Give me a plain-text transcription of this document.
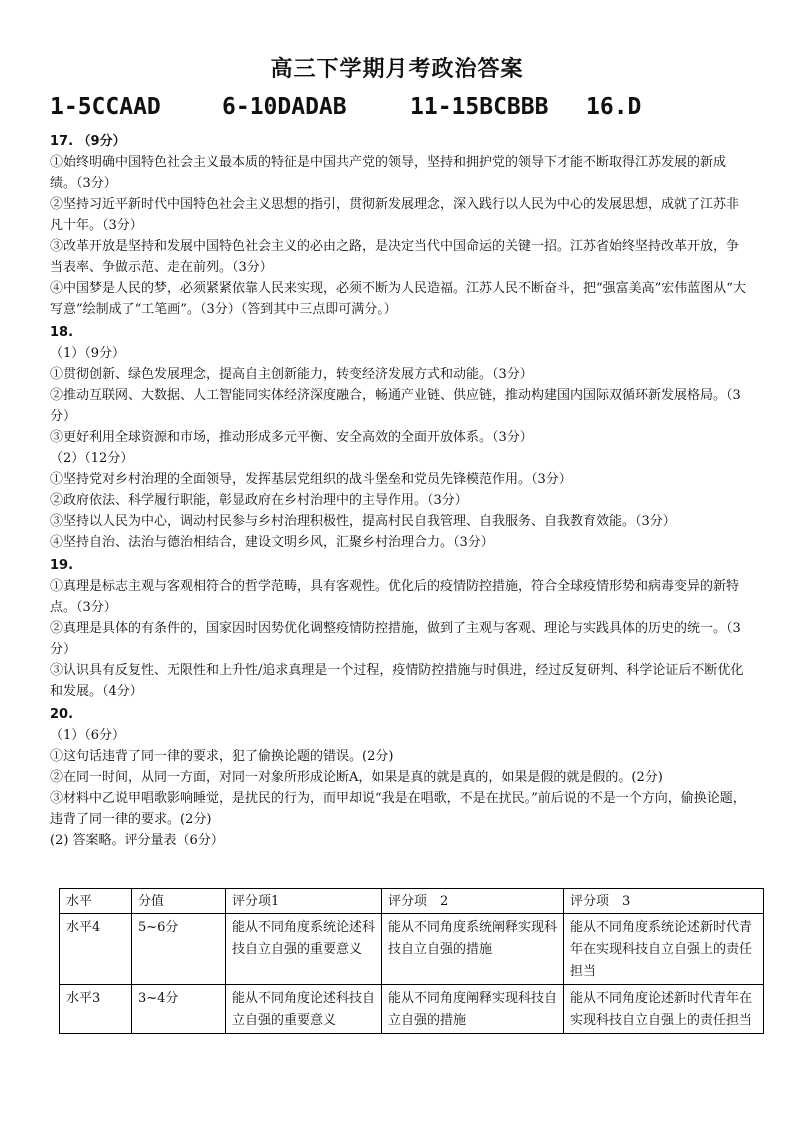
高三下学期月考政治答案
1-5CCAAD	6-10DADAB	11-15BCBBB 16.D

17. （9分）

①始终明确中国特色社会主义最本质的特征是中国共产党的领导，坚持和拥护党的领导下才能不断取得江苏发展的新成绩。（3分）

②坚持习近平新时代中国特色社会主义思想的指引，贯彻新发展理念，深入践行以人民为中心的发展思想，成就了江苏非凡十年。（3分）

③改革开放是坚持和发展中国特色社会主义的必由之路，是决定当代中国命运的关键一招。江苏省始终坚持改革开放，争当表率、争做示范、走在前列。（3分）

④中国梦是人民的梦，必须紧紧依靠人民来实现，必须不断为人民造福。江苏人民不断奋斗，把“强富美高”宏伟蓝图从“大写意”绘制成了“工笔画”。（3分）（答到其中三点即可满分。）

18.

（1）（9分）

①贯彻创新、绿色发展理念，提高自主创新能力，转变经济发展方式和动能。（3分）

②推动互联网、大数据、人工智能同实体经济深度融合，畅通产业链、供应链，推动构建国内国际双循环新发展格局。（3分）

③更好利用全球资源和市场，推动形成多元平衡、安全高效的全面开放体系。（3分）

（2）（12分）

①坚持党对乡村治理的全面领导，发挥基层党组织的战斗堡垒和党员先锋模范作用。（3分）

②政府依法、科学履行职能，彰显政府在乡村治理中的主导作用。（3分）

③坚持以人民为中心，调动村民参与乡村治理积极性，提高村民自我管理、自我服务、自我教育效能。（3分）

④坚持自治、法治与德治相结合，建设文明乡风，汇聚乡村治理合力。（3分）

19.

①真理是标志主观与客观相符合的哲学范畴，具有客观性。优化后的疫情防控措施，符合全球疫情形势和病毒变异的新特点。（3分）

②真理是具体的有条件的，国家因时因势优化调整疫情防控措施，做到了主观与客观、理论与实践具体的历史的统一。（3分）

③认识具有反复性、无限性和上升性/追求真理是一个过程，疫情防控措施与时俱进，经过反复研判、科学论证后不断优化和发展。（4分）

20.

（1）（6分）

①这句话违背了同一律的要求，犯了偷换论题的错误。(2分)

②在同一时间，从同一方面，对同一对象所形成论断A，如果是真的就是真的，如果是假的就是假的。(2分)

③材料中乙说甲唱歌影响睡觉，是扰民的行为，而甲却说“我是在唱歌，不是在扰民。”前后说的不是一个方向，偷换论题，违背了同一律的要求。(2分)

(2) 答案略。评分量表（6分）

水平	分值	评分项1	评分项　2	评分项　3
水平4	5~6分	能从不同角度系统论述科技自立自强的重要意义	能从不同角度系统阐释实现科技自立自强的措施	能从不同角度系统论述新时代青年在实现科技自立自强上的责任担当
水平3	3~4分	能从不同角度论述科技自立自强的重要意义	能从不同角度阐释实现科技自立自强的措施	能从不同角度论述新时代青年在实现科技自立自强上的责任担当
